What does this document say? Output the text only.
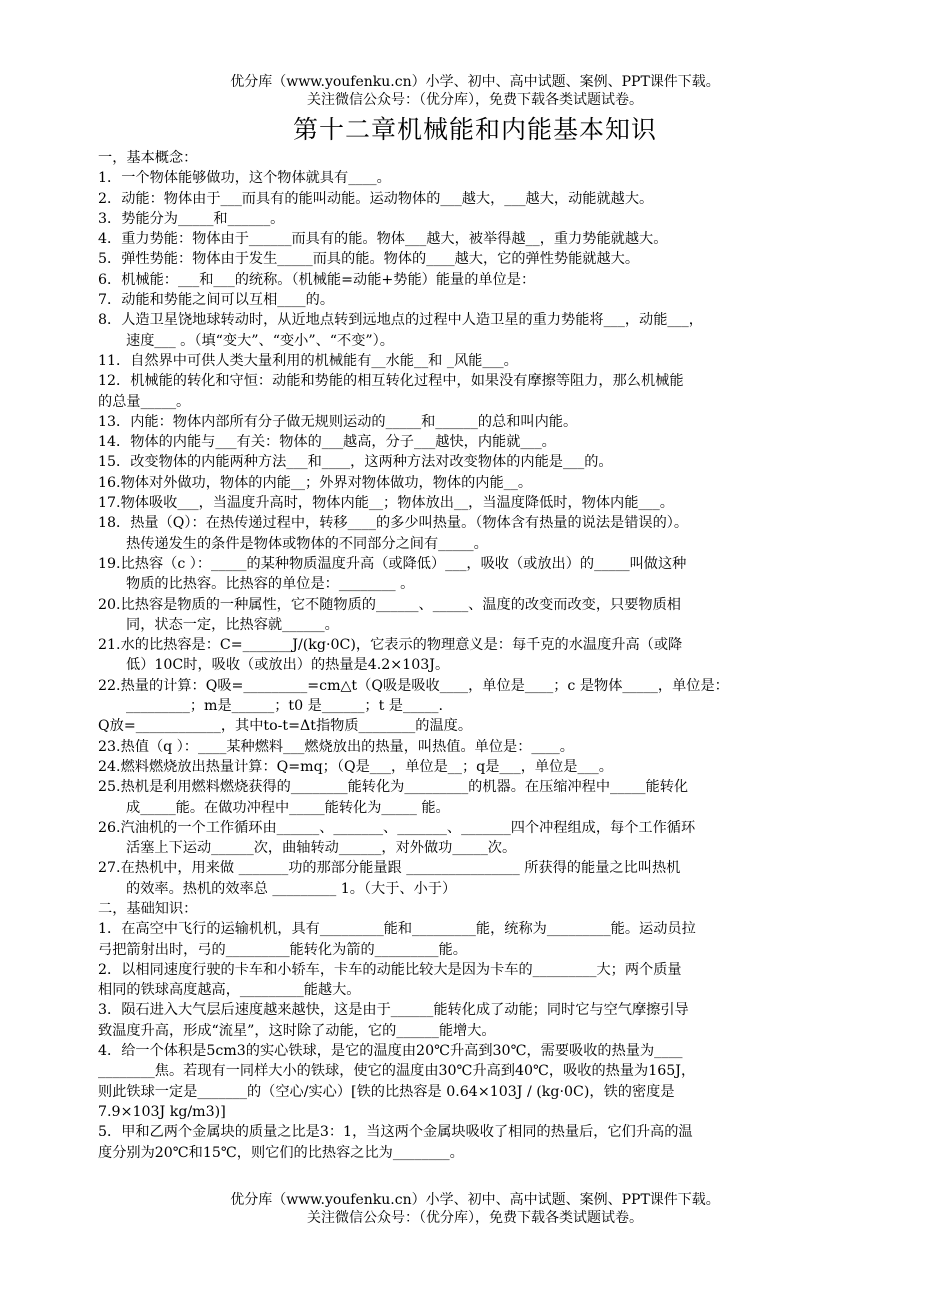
优分库（www.youfenku.cn）小学、初中、高中试题、案例、PPT课件下载。
关注微信公众号：（优分库），免费下载各类试题试卷。
第十二章机械能和内能基本知识
一，基本概念：
1．一个物体能够做功，这个物体就具有____。
2．动能：物体由于___而具有的能叫动能。运动物体的___越大，___越大，动能就越大。
3．势能分为_____和______。
4．重力势能：物体由于______而具有的能。物体___越大，被举得越__，重力势能就越大。
5．弹性势能：物体由于发生_____而具的能。物体的____越大，它的弹性势能就越大。
6．机械能：___和___的统称。（机械能=动能+势能）能量的单位是：
7．动能和势能之间可以互相____的。
8．人造卫星饶地球转动时，从近地点转到远地点的过程中人造卫星的重力势能将___，动能___，
速度___ 。（填“变大”、“变小”、“不变”）。
11．自然界中可供人类大量利用的机械能有__水能__和 _风能___。
12．机械能的转化和守恒：动能和势能的相互转化过程中，如果没有摩擦等阻力，那么机械能
的总量_____。
13．内能：物体内部所有分子做无规则运动的_____和______的总和叫内能。
14．物体的内能与___有关：物体的___越高，分子___越快，内能就___。
15．改变物体的内能两种方法___和____，这两种方法对改变物体的内能是___的。
16.物体对外做功，物体的内能__；外界对物体做功，物体的内能__。
17.物体吸收___，当温度升高时，物体内能__；物体放出__，当温度降低时，物体内能___。
18．热量（Q）：在热传递过程中，转移____的多少叫热量。（物体含有热量的说法是错误的）。
热传递发生的条件是物体或物体的不同部分之间有_____。
19.比热容（c ）：_____的某种物质温度升高（或降低）___，吸收（或放出）的_____叫做这种
物质的比热容。比热容的单位是：________ 。
20.比热容是物质的一种属性，它不随物质的______、_____、温度的改变而改变，只要物质相
同，状态一定，比热容就______。
21.水的比热容是：C=_______J/(kg·0C)，它表示的物理意义是：每千克的水温度升高（或降
低）10C时，吸收（或放出）的热量是4.2×103J。
22.热量的计算：Q吸=_________=cm△t（Q吸是吸收____，单位是____；c 是物体_____，单位是：
_________；m是______；t0 是______；t 是_____.
Q放=____________，其中to-t=Δt指物质________的温度。
23.热值（q ）：____某种燃料___燃烧放出的热量，叫热值。单位是：____。
24.燃料燃烧放出热量计算：Q=mq；（Q是___，单位是__；q是___，单位是___。
25.热机是利用燃料燃烧获得的________能转化为_________的机器。在压缩冲程中_____能转化
成_____能。在做功冲程中_____能转化为_____ 能。
26.汽油机的一个工作循环由______、_______、_______、_______四个冲程组成，每个工作循环
活塞上下运动______次，曲轴转动______，对外做功_____次。
27.在热机中，用来做 _______功的那部分能量跟 ________________ 所获得的能量之比叫热机
的效率。热机的效率总 _________ 1。（大于、小于）
二，基础知识：
1．在高空中飞行的运输机机，具有_________能和_________能，统称为_________能。运动员拉
弓把箭射出时，弓的_________能转化为箭的_________能。
2．以相同速度行驶的卡车和小轿车，卡车的动能比较大是因为卡车的_________大；两个质量
相同的铁球高度越高，_________能越大。
3．陨石进入大气层后速度越来越快，这是由于______能转化成了动能；同时它与空气摩擦引导
致温度升高，形成“流星”，这时除了动能，它的______能增大。
4．给一个体积是5cm3的实心铁球，是它的温度由20℃升高到30℃，需要吸收的热量为____
________焦。若现有一同样大小的铁球，使它的温度由30℃升高到40℃，吸收的热量为165J，
则此铁球一定是_______的（空心/实心）[铁的比热容是 0.64×103J / (kg·0C)，铁的密度是
7.9×103J kg/m3)]
5．甲和乙两个金属块的质量之比是3：1，当这两个金属块吸收了相同的热量后，它们升高的温
度分别为20℃和15℃，则它们的比热容之比为________。
优分库（www.youfenku.cn）小学、初中、高中试题、案例、PPT课件下载。
关注微信公众号：（优分库），免费下载各类试题试卷。
